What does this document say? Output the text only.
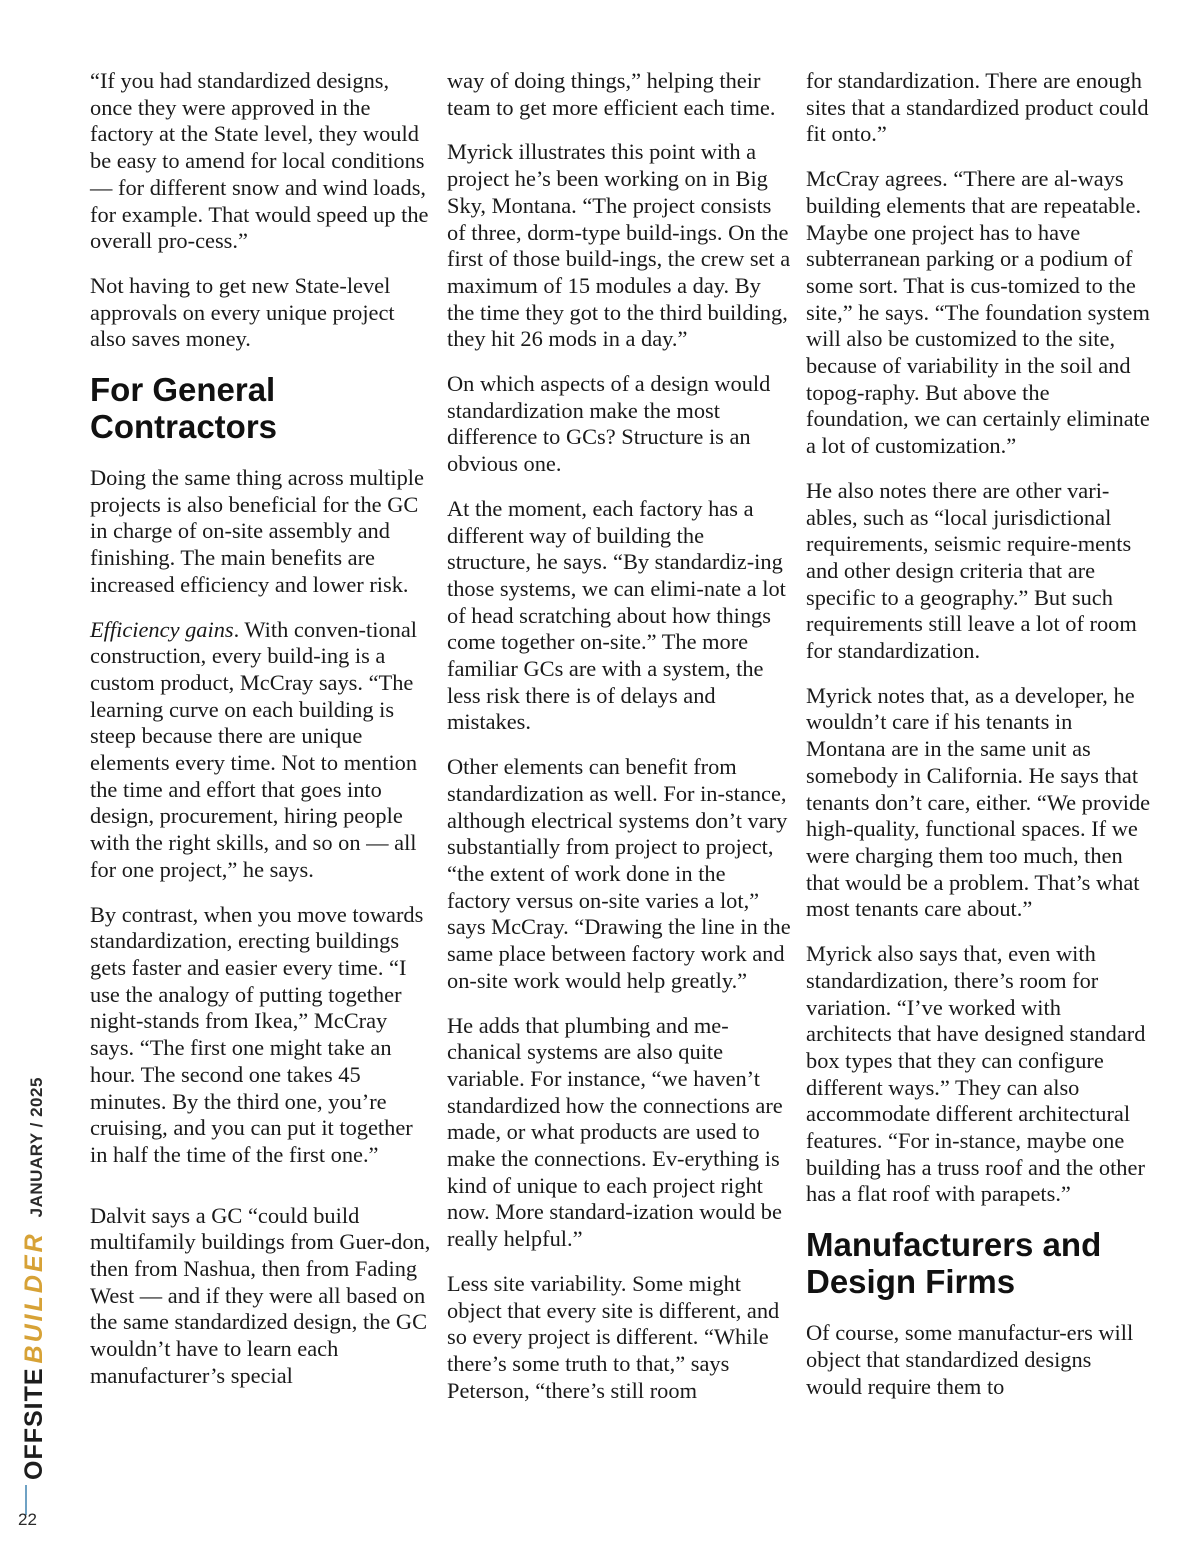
OFFSITEBUILDERJANUARY / 2025
22

“If you had standardized designs, once they were approved in the factory at the State level, they would be easy to amend for local conditions — for different snow and wind loads, for example. That would speed up the overall pro-cess.”

Not having to get new State-level approvals on every unique project also saves money.

For General Contractors

Doing the same thing across multiple projects is also beneficial for the GC in charge of on-site assembly and finishing. The main benefits are increased efficiency and lower risk.

Efficiency gains. With conven-tional construction, every build-ing is a custom product, McCray says. “The learning curve on each building is steep because there are unique elements every time. Not to mention the time and effort that goes into design, procurement, hiring people with the right skills, and so on — all for one project,” he says.

By contrast, when you move towards standardization, erecting buildings gets faster and easier every time. “I use the analogy of putting together night-stands from Ikea,” McCray says. “The first one might take an hour. The second one takes 45 minutes. By the third one, you’re cruising, and you can put it together in half the time of the first one.”

Dalvit says a GC “could build multifamily buildings from Guer-don, then from Nashua, then from Fading West — and if they were all based on the same standardized design, the GC wouldn’t have to learn each manufacturer’s special

way of doing things,” helping their team to get more efficient each time.

Myrick illustrates this point with a project he’s been working on in Big Sky, Montana. “The project consists of three, dorm-type build-ings. On the first of those build-ings, the crew set a maximum of 15 modules a day. By the time they got to the third building, they hit 26 mods in a day.”

On which aspects of a design would standardization make the most difference to GCs? Structure is an obvious one.

At the moment, each factory has a different way of building the structure, he says. “By standardiz-ing those systems, we can elimi-nate a lot of head scratching about how things come together on-site.” The more familiar GCs are with a system, the less risk there is of delays and mistakes.

Other elements can benefit from standardization as well. For in-stance, although electrical systems don’t vary substantially from project to project, “the extent of work done in the factory versus on-site varies a lot,” says McCray. “Drawing the line in the same place between factory work and on-site work would help greatly.”

He adds that plumbing and me-chanical systems are also quite variable. For instance, “we haven’t standardized how the connections are made, or what products are used to make the connections. Ev-erything is kind of unique to each project right now. More standard-ization would be really helpful.”

Less site variability. Some might object that every site is different, and so every project is different. “While there’s some truth to that,” says Peterson, “there’s still room

for standardization. There are enough sites that a standardized product could fit onto.”

McCray agrees. “There are al-ways building elements that are repeatable. Maybe one project has to have subterranean parking or a podium of some sort. That is cus-tomized to the site,” he says. “The foundation system will also be customized to the site, because of variability in the soil and topog-raphy. But above the foundation, we can certainly eliminate a lot of customization.”

He also notes there are other vari-ables, such as “local jurisdictional requirements, seismic require-ments and other design criteria that are specific to a geography.” But such requirements still leave a lot of room for standardization.

Myrick notes that, as a developer, he wouldn’t care if his tenants in Montana are in the same unit as somebody in California. He says that tenants don’t care, either. “We provide high-quality, functional spaces. If we were charging them too much, then that would be a problem. That’s what most tenants care about.”

Myrick also says that, even with standardization, there’s room for variation. “I’ve worked with architects that have designed standard box types that they can configure different ways.” They can also accommodate different architectural features. “For in-stance, maybe one building has a truss roof and the other has a flat roof with parapets.”

Manufacturers and Design Firms

Of course, some manufactur-ers will object that standardized designs would require them to
